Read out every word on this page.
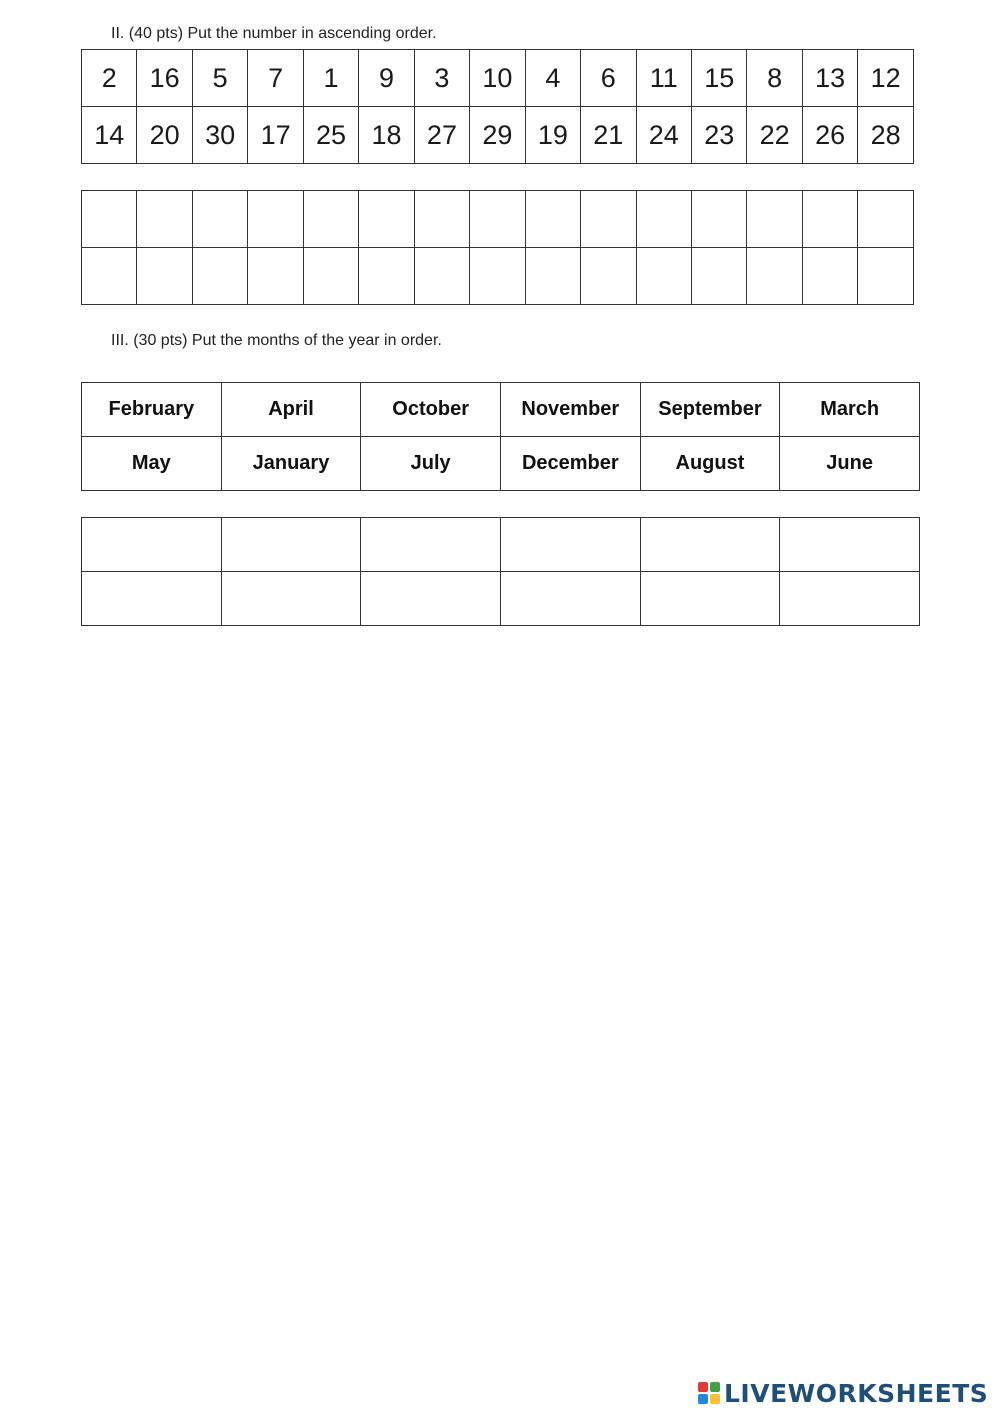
II. (40 pts) Put the number in ascending order.
2	16	5	7	1	9	3	10	4	6	11	15	8	13	12
14	20	30	17	25	18	27	29	19	21	24	23	22	26	28

III. (30 pts) Put the months of the year in order.
February	April	October	November	September	March
May	January	July	December	August	June

LIVEWORKSHEETS
